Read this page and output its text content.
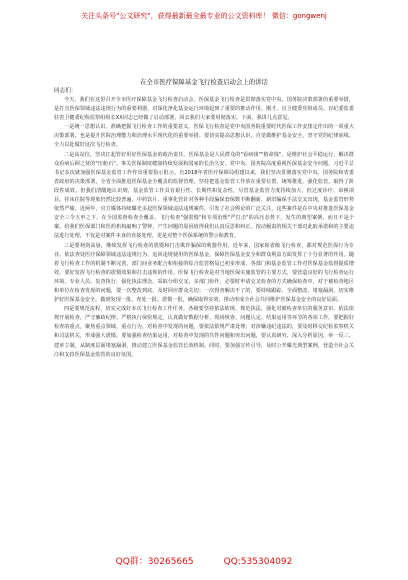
关注头条号"公文研究"，获得最新最全最专业的公文资料库！ 微信：gongwenj
在全市医疗保障基金飞行检查启动会上的讲话
同志们：

今天，我们在这里召开全市医疗保障基金飞行检查启动会。医保基金飞行检查是贯彻落实党中央、国务院决策部署的重要举措，是打击医保领域违法违规行为的重要利器，对深化净化基金运行环境起到了重要的推动作用。刚才，盲卫健委党组成员、盲纪委监委驻省卫健委纪检监察组组长XX同志已经做了启动部署，回去我们大家要用彻落实。下面，我讲几点意见。

一是统一思想认识，准确把握飞行检查工作的重要意义。医保飞行检查是党中央国务院重要时代医保工作安排定作出的一项重大决策部署，也是提升医院治理能力和治理水平现代化的重要举措。要切实提高思想认识，自觉做维护基金安全，坚守党的纪律底线。全力以赴做好这次飞行检查。

二是高站位，坚决扛起管好用好医保基金的政治责任。医保基金是人民群众的"看病钱""救命钱"，是维护社会平稳运行、解决群众看病后顾之忧的"压舱石"。事关医保制度健康持续发展和国家的长治久安。党中央、国务院高度重视医保基金安全问题，习近平总书记多次就加强医保基金监管工作作出重要指示批示。自2018年省医疗保障局组建以来，我们坚决贯彻落实党中央、国务院和省委省政府的决策部署，全省全面推进医保基金全覆盖的监督管理，坚持把基金监管工作放在重要位置、统筹推进、强化监管，取得了阶段性成效。但我们清醒地认识到，基金监管工作具有艰巨性、长期性和复杂性，尽管基金监管力度持续加大，但过度诊疗、串换项目、挂床住院等现象仍然比较普遍。中药饮片、重事化管针对各种手段骗保套保数不断翻新，新旧骗保手法交叉出现，基金监管形势依然严峻。近两年，官方媒体持续曝光多起医保领域违法违规案件，引发了社会舆论的广泛关注，这些案件是在中央对推进医保基金安全三令五申之下，在全国监督检查全覆盖、飞行检查"强震慑"和专项治理"严打击"的高压态势下，发生的典型案例。而且不是个案。给我们医保部门和医药机构敲响了警钟，产生问题的原因值得我们认真反思和纠正。按动履责的相关干部对此取承诺和的主要违法进行处理，不仅是对案件本身的直接处理，更是对整个医保系统的警示和教育。

三是要利剑高悬，继续发挥飞行检查的震慑和打击欺诈骗保的利器作用。近年来，国家和省级飞行检查，都对规范医保行为专业、依法查处医疗保障领域违法违规行为、追回违规使用的医保基金，保障医保基金安全和群众利益方面发挥了十分显著的作用。随着飞行检查工作的机制不断完善，部门间业务配合和衔接的综合监管格局已初步形成，各部门和基金监管工作对医保基金监督提质增效，要好发挥飞行检查的震慑效果和打击违规的作用。医保飞行检查是对当地医保实施监管的主要方式，要营造良好的飞行检查运行环境，专业人员、复查执行，强化执法理念，采取分组交叉、多部门协作，必要时申请交叉检查的方式确保检查中，对于被检查地区和单位在检查发现的问题，要一次整改到底，及时回应群众关切；一次督查解决不了的，要持续跟踪、全面整改、堵塞漏洞，切实维护好医保基金安全，做到发现一批、查处一批、震慑一批，确保取得实效，推动形成全社会共同维护医保基金安全的良好局面。

四是要规范流程，切实完成好本次飞行检查工作任务。各级要坚持依法依规、规范执法，强化对被检查单位的服务意识、依法依规开展检查，严守廉政纪律。严格执行保密规定，认真做好数据分析、现场核查、问题认定、结果运用等环节的各项工作。要把握好检查的重点，聚焦重点领域、重点行为，对检查中发现的问题，要依法依规严肃处理；对涉嫌违纪违法的，要及时移交纪检监察机关和司法机关，形成强大震慑。要加强检查结果运用，对检查中发现的共性问题和突出问题，要认真研究、深入分析原因，举一反三、建章立制，从制度层面堵塞漏洞，推动建立医保基金监管长效机制。同时，要加强宣传引导，及时公开曝光典型案例，营造全社会关注和支持医保基金监管的良好氛围。

QQ群：30265665	QQ:535304092
